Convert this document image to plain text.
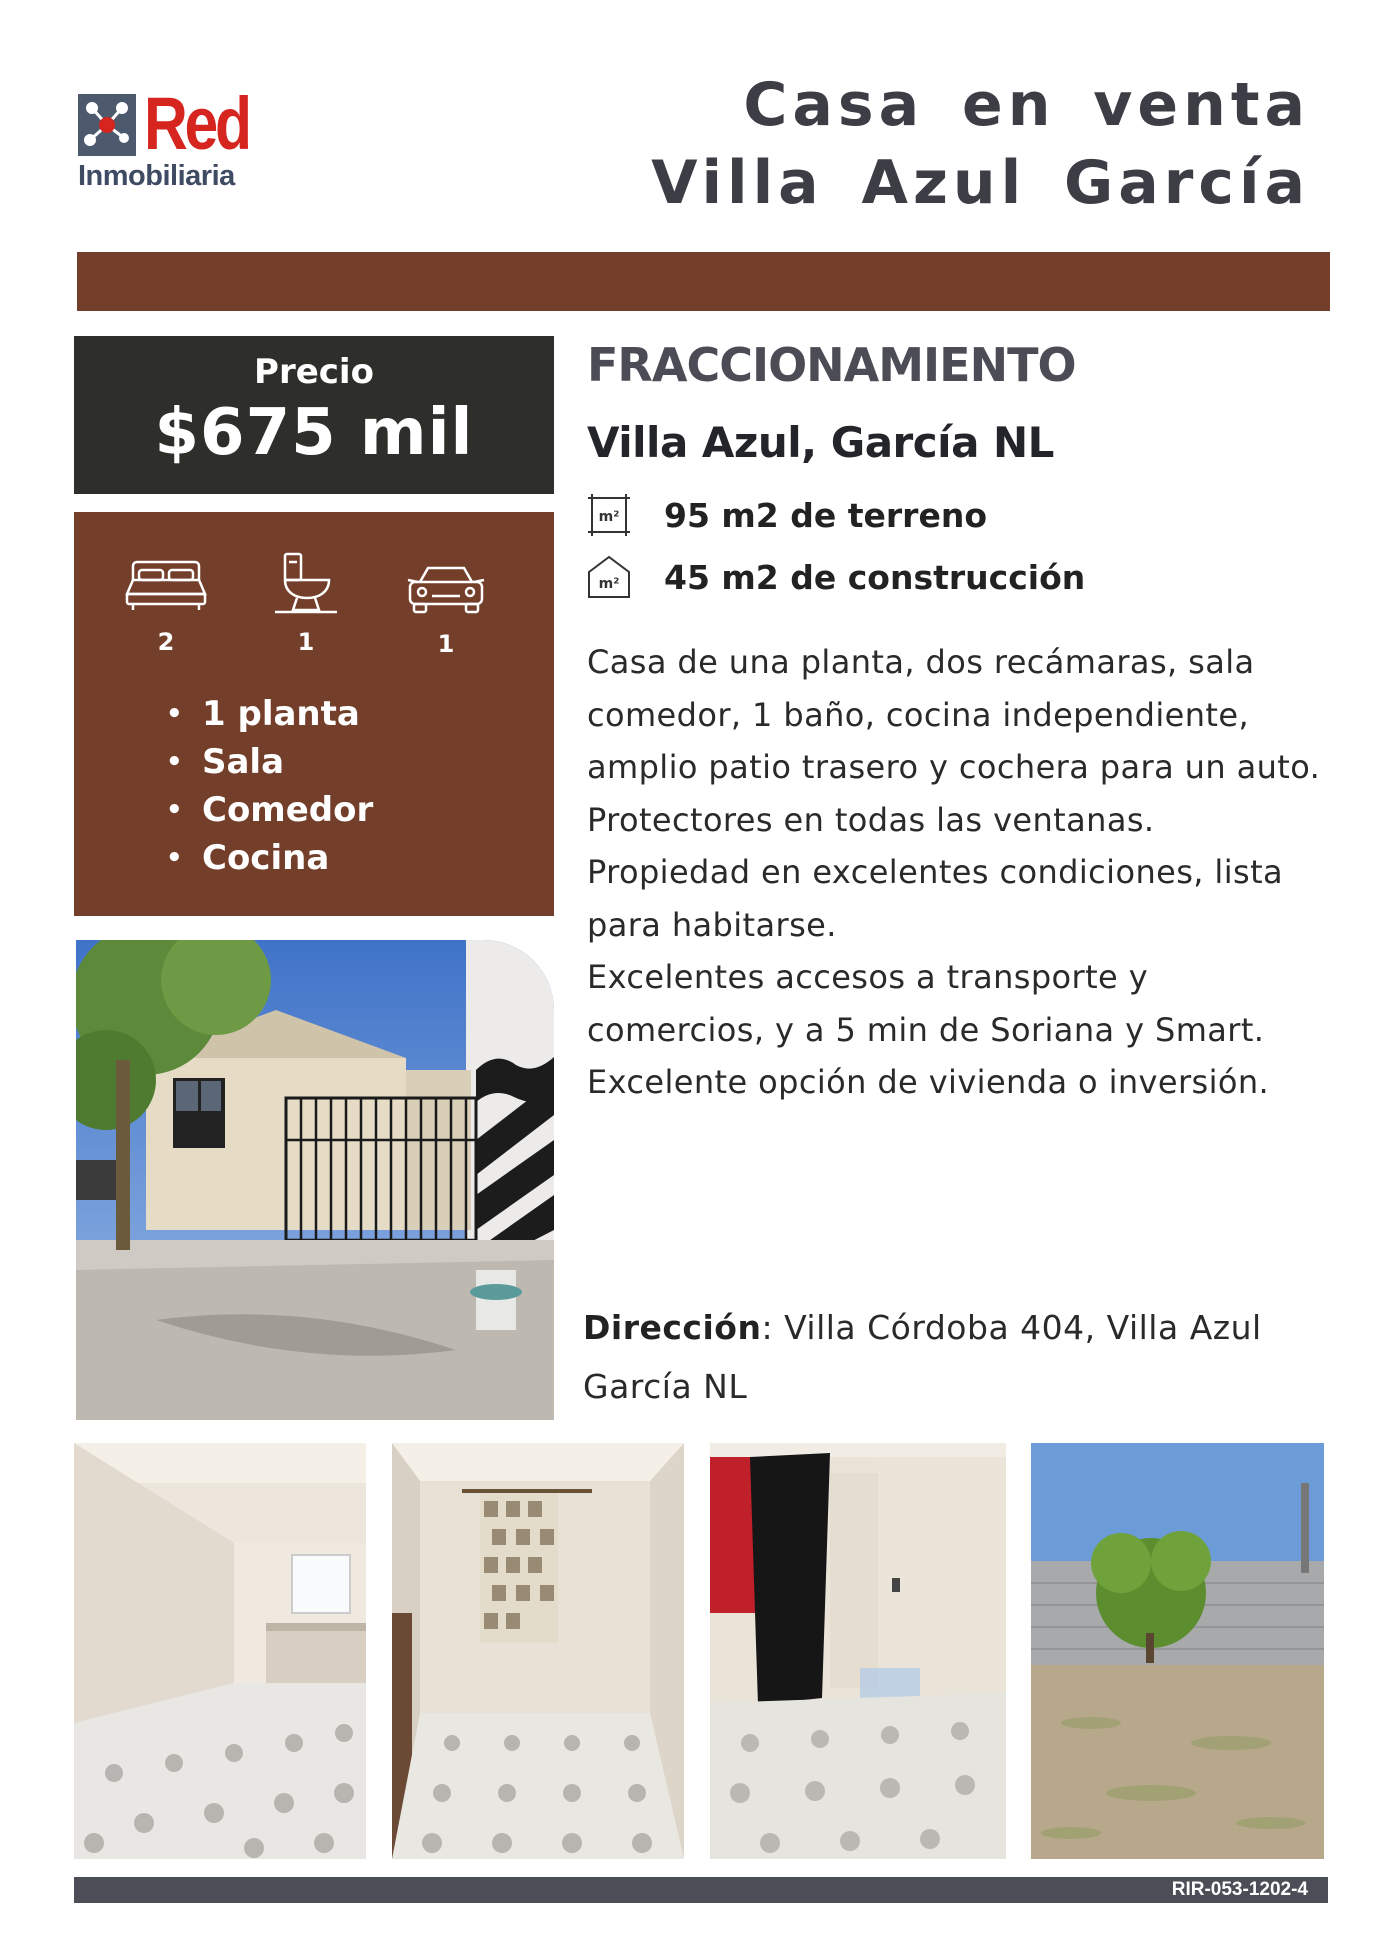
Red
Inmobiliaria
Casa en venta
Villa Azul García
Precio
$675 mil
2	1	1
• 1 planta
• Sala
• Comedor
• Cocina
FRACCIONAMIENTO
Villa Azul, García NL
m² 95 m2 de terreno
m² 45 m2 de construcción

Casa de una planta, dos recámaras, sala comedor, 1 baño, cocina independiente, amplio patio trasero y cochera para un auto. Protectores en todas las ventanas. Propiedad en excelentes condiciones, lista para habitarse.

Excelentes accesos a transporte y comercios, y a 5 min de Soriana y Smart. Excelente opción de vivienda o inversión.

Dirección: Villa Córdoba 404, Villa Azul García NL
RIR-053-1202-4
